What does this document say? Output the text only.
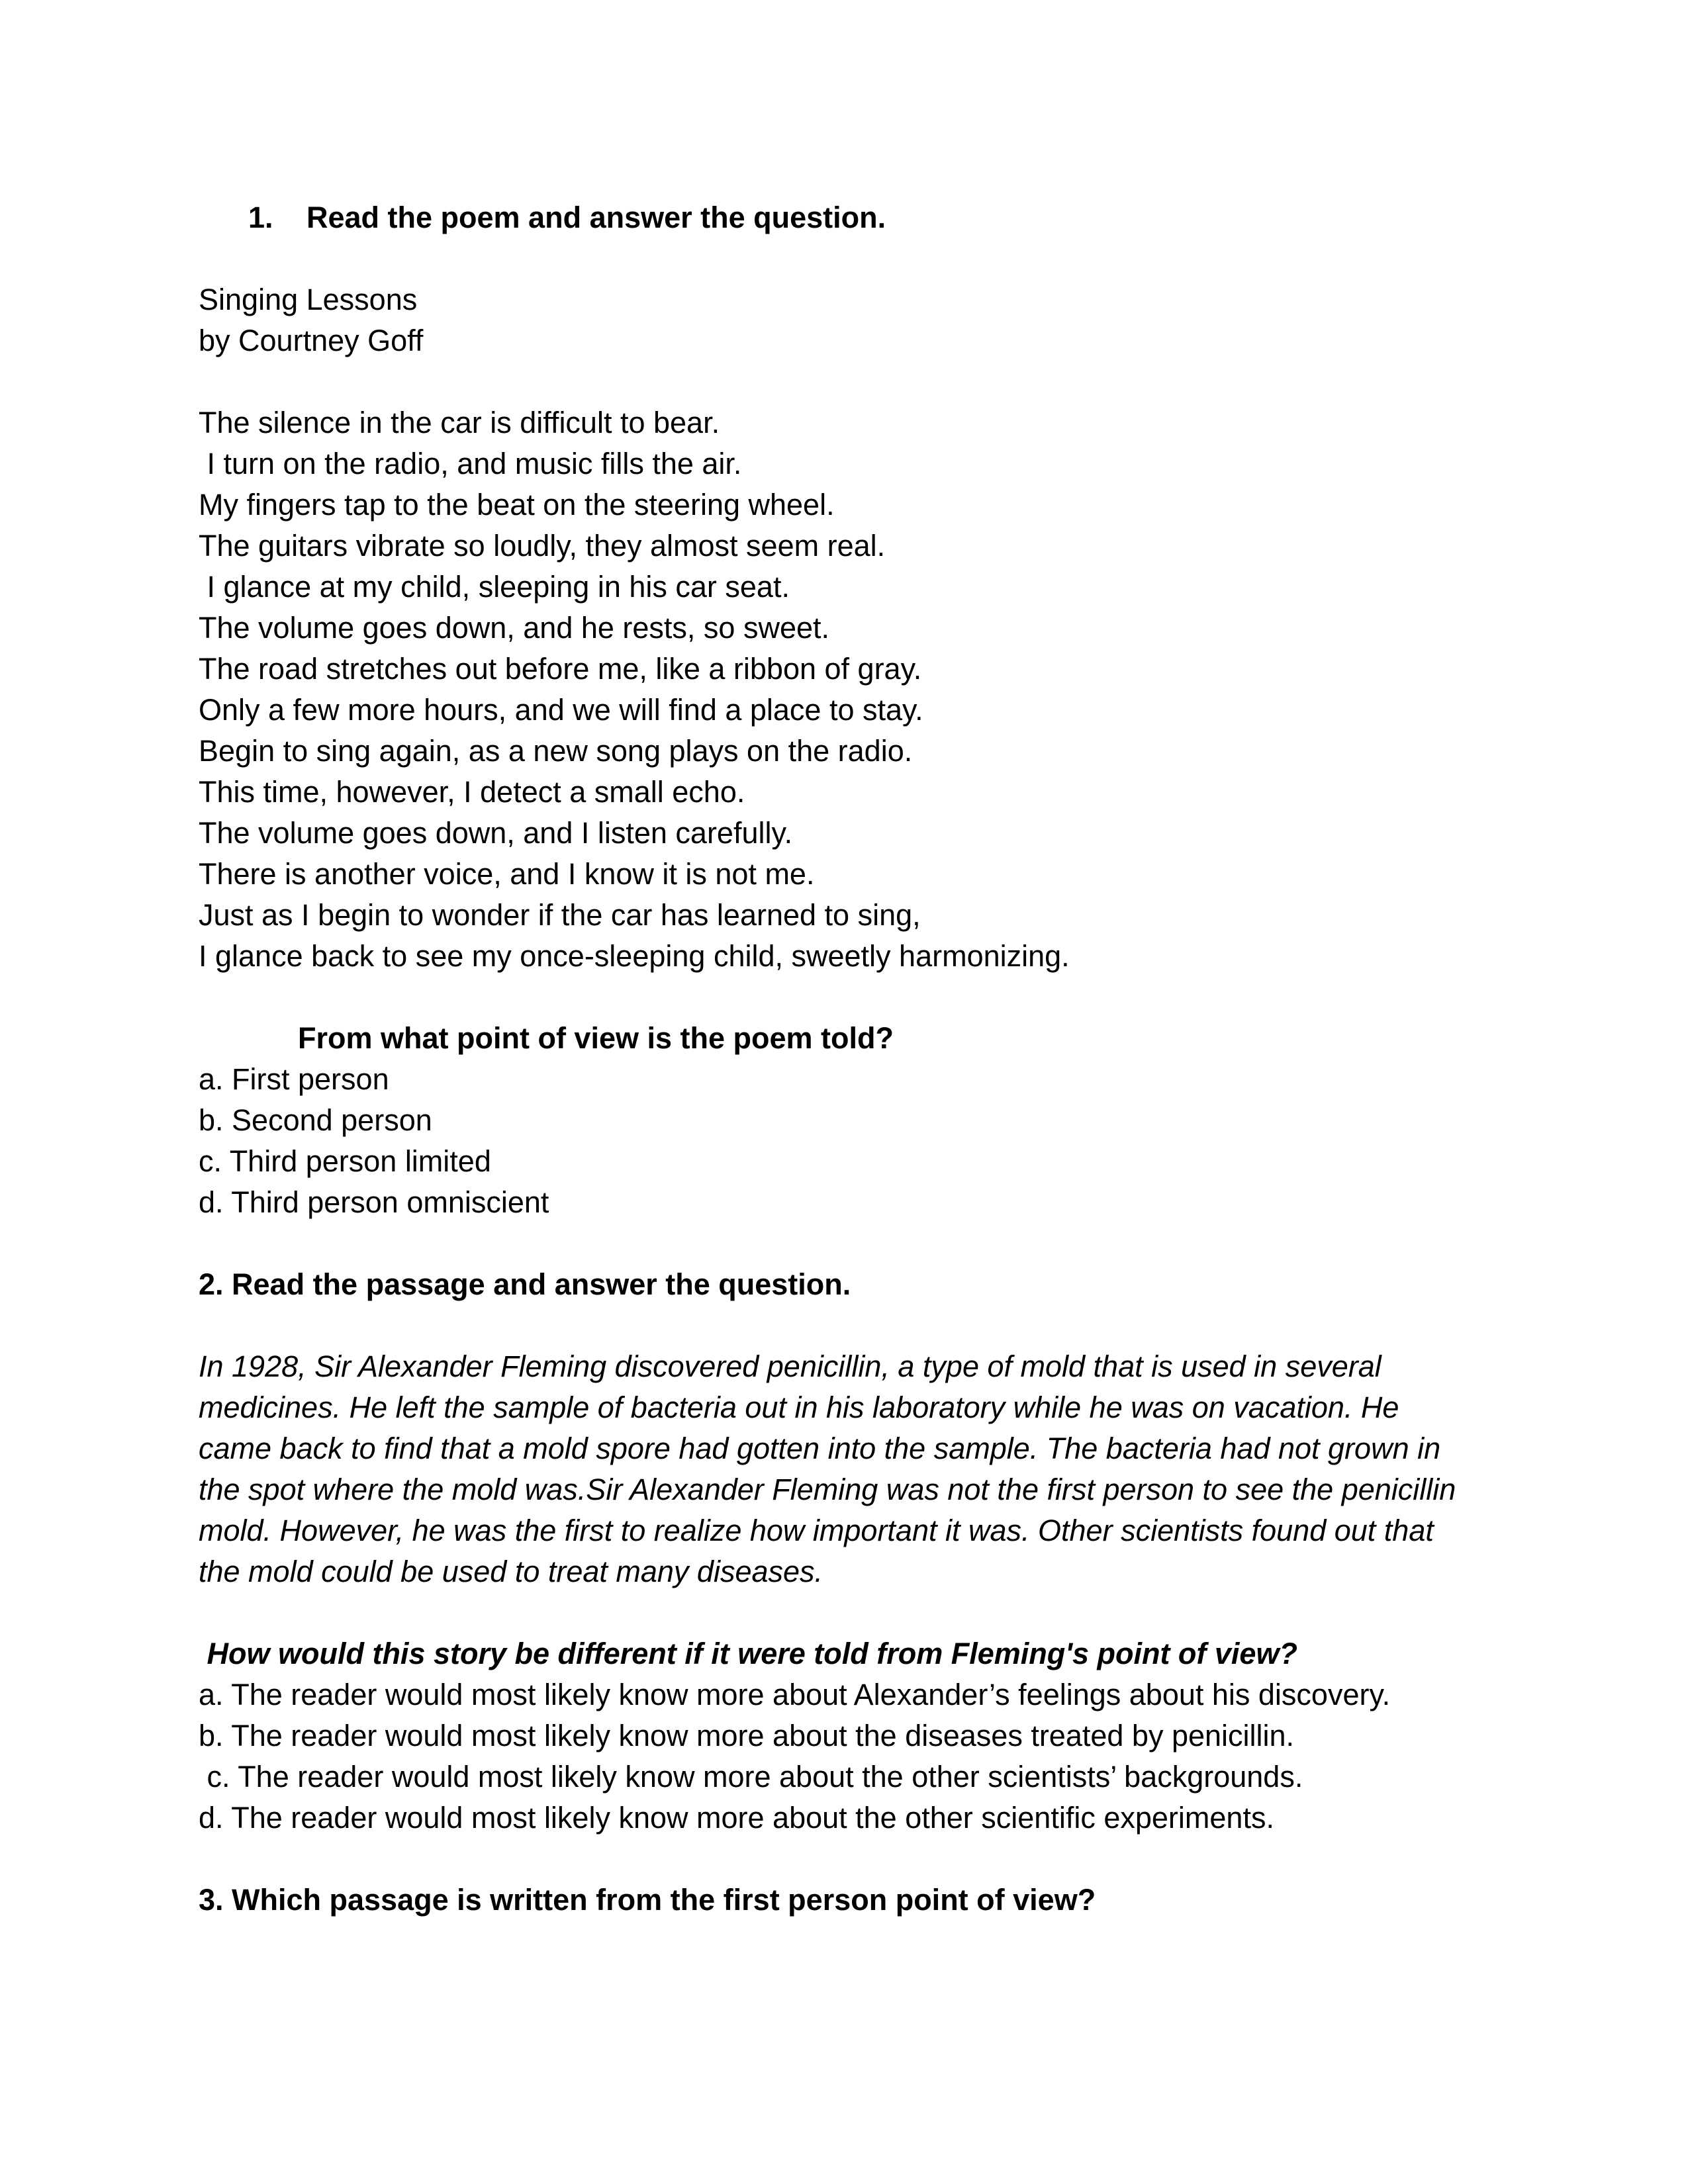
1. Read the poem and answer the question.

Singing Lessons

by Courtney Goff

The silence in the car is difficult to bear.

I turn on the radio, and music fills the air.

My fingers tap to the beat on the steering wheel.

The guitars vibrate so loudly, they almost seem real.

I glance at my child, sleeping in his car seat.

The volume goes down, and he rests, so sweet.

The road stretches out before me, like a ribbon of gray.

Only a few more hours, and we will find a place to stay.

Begin to sing again, as a new song plays on the radio.

This time, however, I detect a small echo.

The volume goes down, and I listen carefully.

There is another voice, and I know it is not me.

Just as I begin to wonder if the car has learned to sing,

I glance back to see my once-sleeping child, sweetly harmonizing.

From what point of view is the poem told?

a. First person

b. Second person

c. Third person limited

d. Third person omniscient

2. Read the passage and answer the question.

In 1928, Sir Alexander Fleming discovered penicillin, a type of mold that is used in several

medicines. He left the sample of bacteria out in his laboratory while he was on vacation. He

came back to find that a mold spore had gotten into the sample. The bacteria had not grown in

the spot where the mold was.Sir Alexander Fleming was not the first person to see the penicillin

mold. However, he was the first to realize how important it was. Other scientists found out that

the mold could be used to treat many diseases.

How would this story be different if it were told from Fleming's point of view?

a. The reader would most likely know more about Alexander’s feelings about his discovery.

b. The reader would most likely know more about the diseases treated by penicillin.

c. The reader would most likely know more about the other scientists’ backgrounds.

d. The reader would most likely know more about the other scientific experiments.

3. Which passage is written from the first person point of view?
